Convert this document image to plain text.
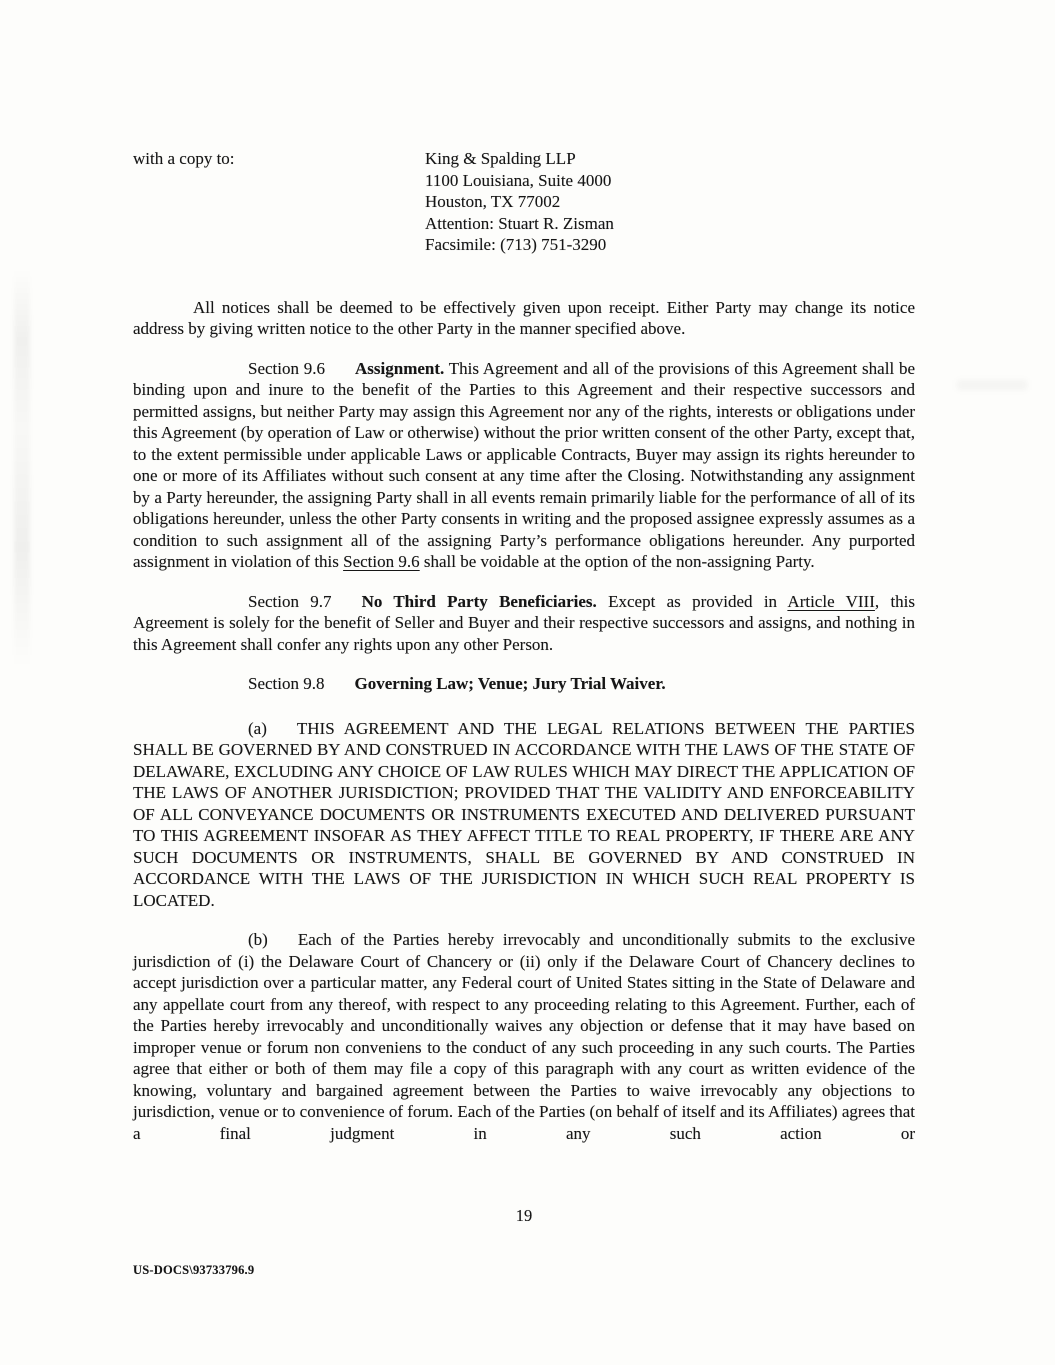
with a copy to:	King & Spalding LLP
1100 Louisiana, Suite 4000
Houston, TX 77002
Attention: Stuart R. Zisman
Facsimile: (713) 751-3290

All notices shall be deemed to be effectively given upon receipt. Either Party may change its notice address by giving written notice to the other Party in the manner specified above.

Section 9.6 Assignment. This Agreement and all of the provisions of this Agreement shall be binding upon and inure to the benefit of the Parties to this Agreement and their respective successors and permitted assigns, but neither Party may assign this Agreement nor any of the rights, interests or obligations under this Agreement (by operation of Law or otherwise) without the prior written consent of the other Party, except that, to the extent permissible under applicable Laws or applicable Contracts, Buyer may assign its rights hereunder to one or more of its Affiliates without such consent at any time after the Closing. Notwithstanding any assignment by a Party hereunder, the assigning Party shall in all events remain primarily liable for the performance of all of its obligations hereunder, unless the other Party consents in writing and the proposed assignee expressly assumes as a condition to such assignment all of the assigning Party’s performance obligations hereunder. Any purported assignment in violation of this Section 9.6 shall be voidable at the option of the non-assigning Party.

Section 9.7 No Third Party Beneficiaries. Except as provided in Article VIII, this Agreement is solely for the benefit of Seller and Buyer and their respective successors and assigns, and nothing in this Agreement shall confer any rights upon any other Person.

Section 9.8 Governing Law; Venue; Jury Trial Waiver.

(a) THIS AGREEMENT AND THE LEGAL RELATIONS BETWEEN THE PARTIES SHALL BE GOVERNED BY AND CONSTRUED IN ACCORDANCE WITH THE LAWS OF THE STATE OF DELAWARE, EXCLUDING ANY CHOICE OF LAW RULES WHICH MAY DIRECT THE APPLICATION OF THE LAWS OF ANOTHER JURISDICTION; PROVIDED THAT THE VALIDITY AND ENFORCEABILITY OF ALL CONVEYANCE DOCUMENTS OR INSTRUMENTS EXECUTED AND DELIVERED PURSUANT TO THIS AGREEMENT INSOFAR AS THEY AFFECT TITLE TO REAL PROPERTY, IF THERE ARE ANY SUCH DOCUMENTS OR INSTRUMENTS, SHALL BE GOVERNED BY AND CONSTRUED IN ACCORDANCE WITH THE LAWS OF THE JURISDICTION IN WHICH SUCH REAL PROPERTY IS LOCATED.

(b) Each of the Parties hereby irrevocably and unconditionally submits to the exclusive jurisdiction of (i) the Delaware Court of Chancery or (ii) only if the Delaware Court of Chancery declines to accept jurisdiction over a particular matter, any Federal court of United States sitting in the State of Delaware and any appellate court from any thereof, with respect to any proceeding relating to this Agreement. Further, each of the Parties hereby irrevocably and unconditionally waives any objection or defense that it may have based on improper venue or forum non conveniens to the conduct of any such proceeding in any such courts. The Parties agree that either or both of them may file a copy of this paragraph with any court as written evidence of the knowing, voluntary and bargained agreement between the Parties to waive irrevocably any objections to jurisdiction, venue or to convenience of forum. Each of the Parties (on behalf of itself and its Affiliates) agrees that a final judgment in any such action or

19
US-DOCS\93733796.9
